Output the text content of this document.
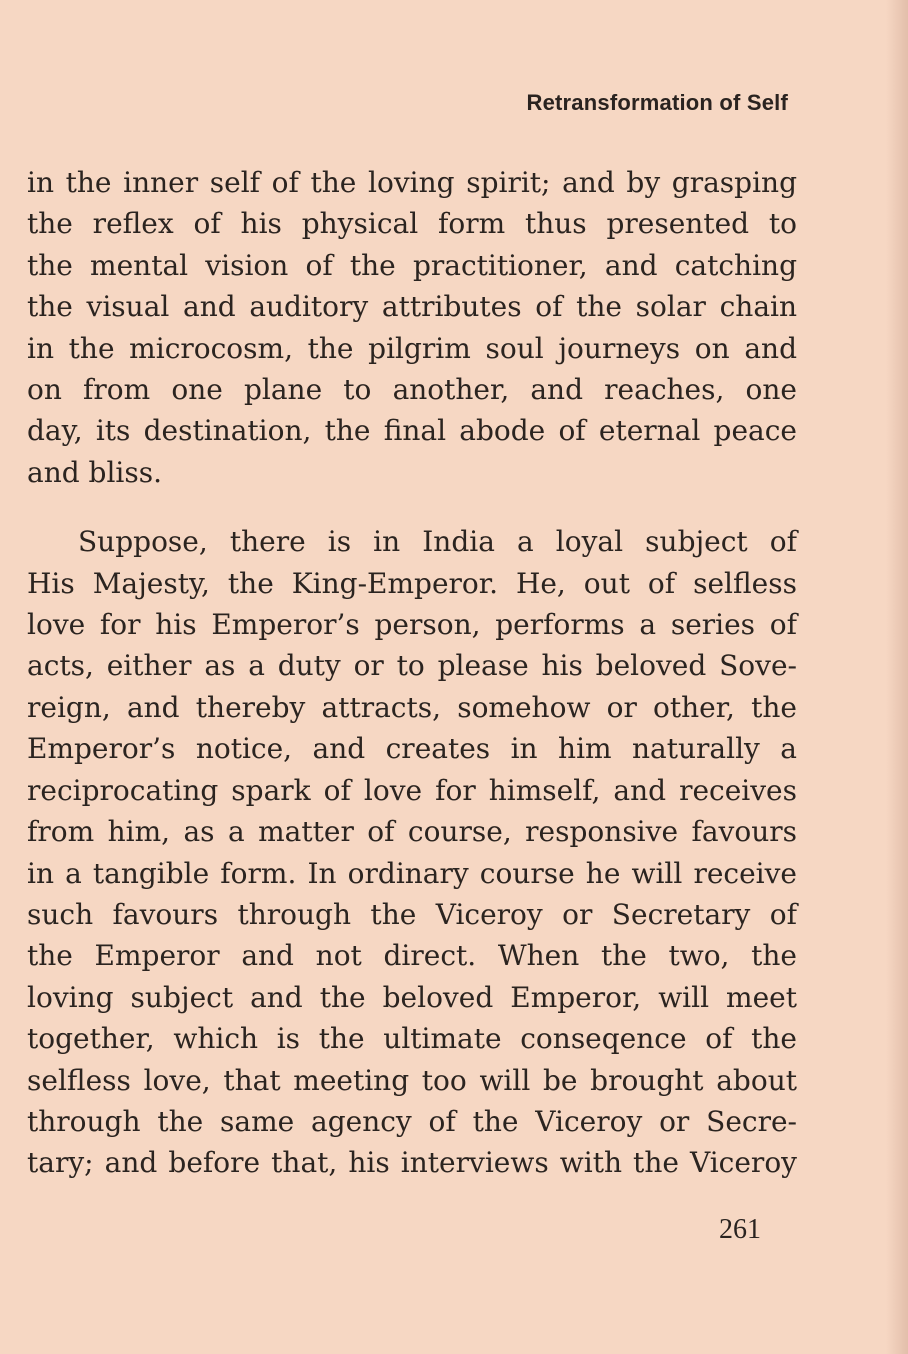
Retransformation of Self

in the inner self of the loving spirit; and by grasping
the reflex of his physical form thus presented to
the mental vision of the practitioner, and catching
the visual and auditory attributes of the solar chain
in the microcosm, the pilgrim soul journeys on and
on from one plane to another, and reaches, one
day, its destination, the final abode of eternal peace
and bliss.

Suppose, there is in India a loyal subject of
His Majesty, the King-Emperor. He, out of selfless
love for his Emperor’s person, performs a series of
acts, either as a duty or to please his beloved Sove-
reign, and thereby attracts, somehow or other, the
Emperor’s notice, and creates in him naturally a
reciprocating spark of love for himself, and receives
from him, as a matter of course, responsive favours
in a tangible form. In ordinary course he will receive
such favours through the Viceroy or Secretary of
the Emperor and not direct. When the two, the
loving subject and the beloved Emperor, will meet
together, which is the ultimate conseqence of the
selfless love, that meeting too will be brought about
through the same agency of the Viceroy or Secre-
tary; and before that, his interviews with the Viceroy

261
